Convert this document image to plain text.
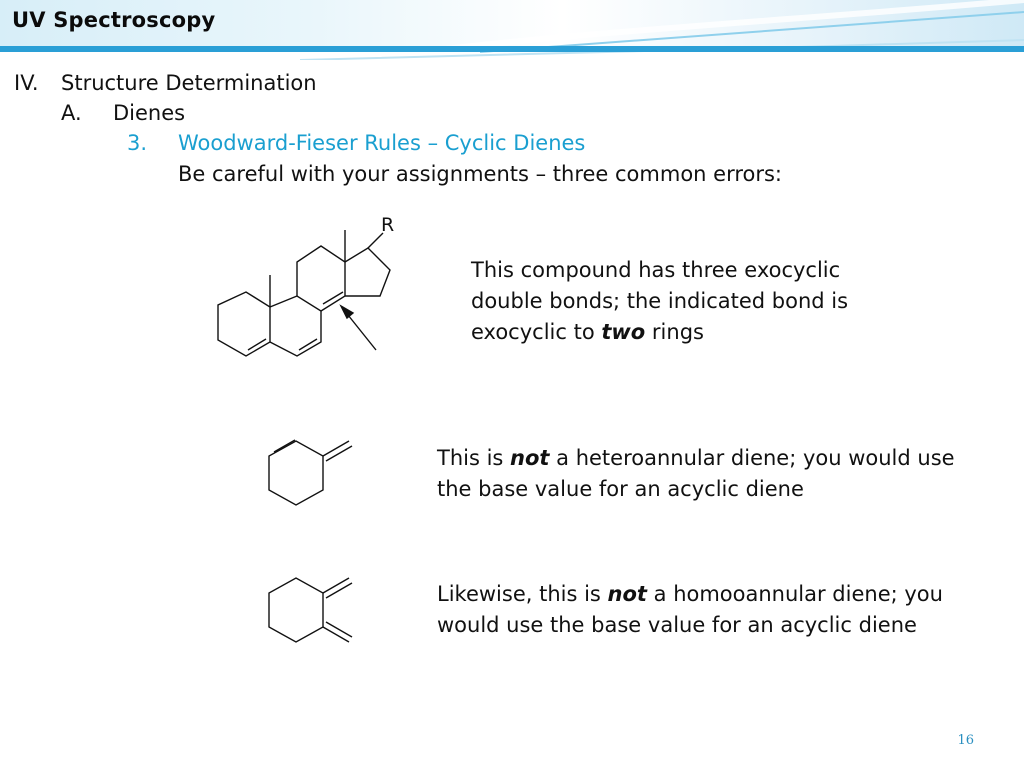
UV Spectroscopy
IV. Structure Determination
A. Dienes
3. Woodward-Fieser Rules – Cyclic Dienes
Be careful with your assignments – three common errors:
R
This compound has three exocyclic double bonds; the indicated bond is exocyclic to two rings
This is not a heteroannular diene; you would use the base value for an acyclic diene
Likewise, this is not a homooannular diene; you would use the base value for an acyclic diene
16
